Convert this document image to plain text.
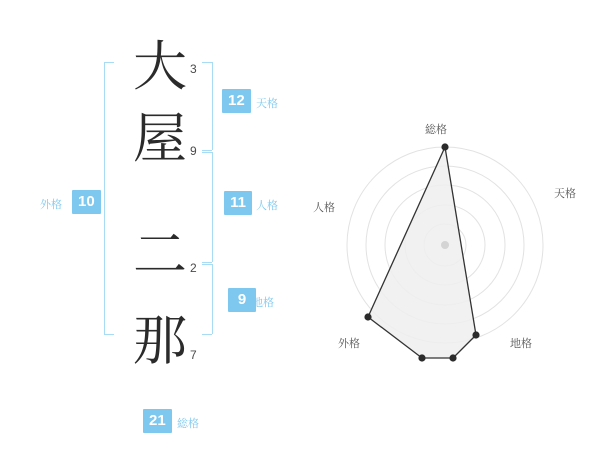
大 3
屋 9
二 2
那 7
12	天格
11 人格
9 地格
外格	10
21	総格
総格
天格
地格
外格
人格
